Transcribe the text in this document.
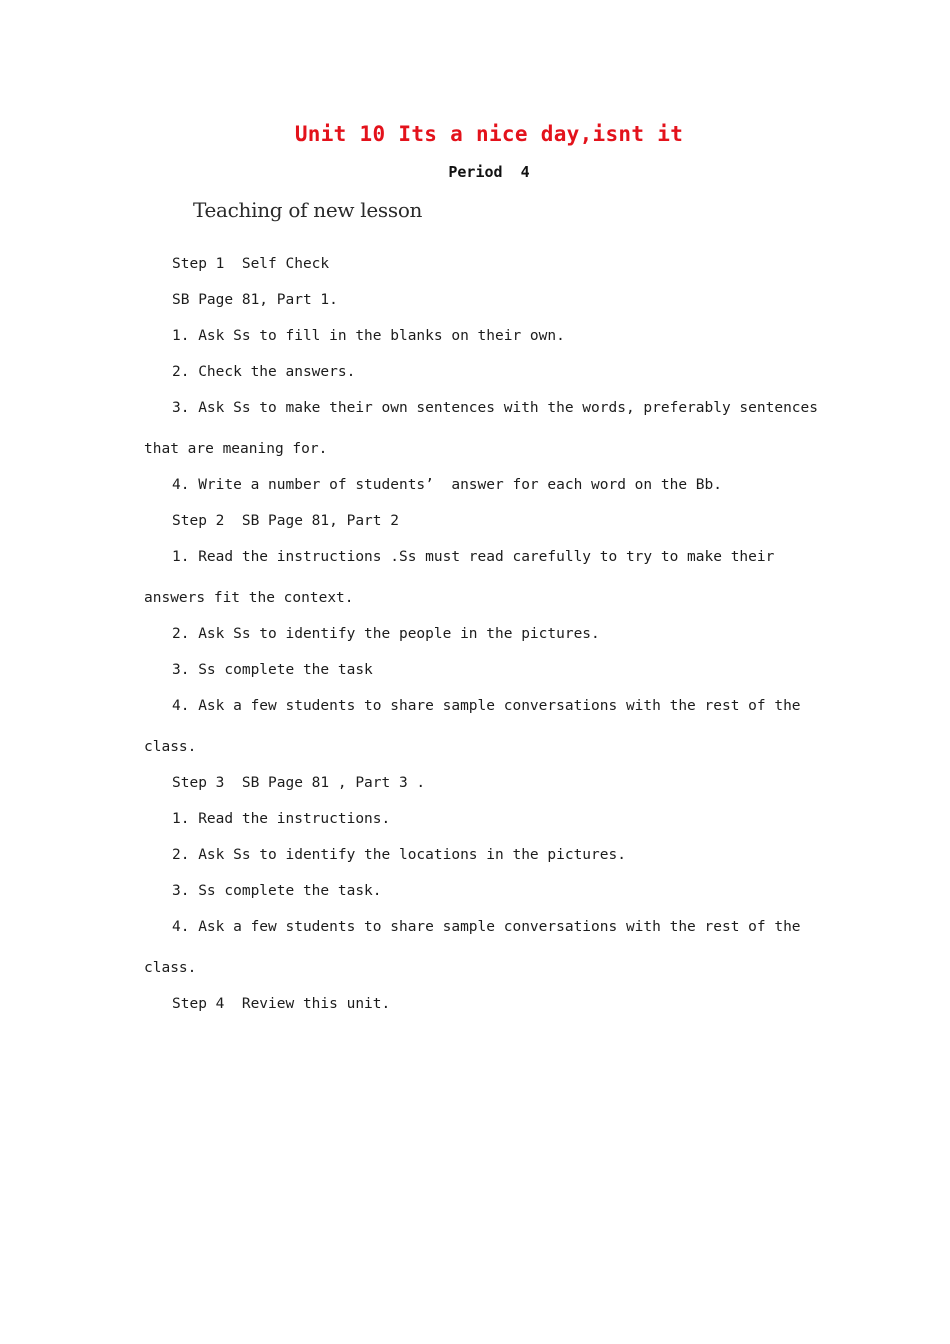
Unit 10 Its a nice day,isnt it
Period  4
Teaching of new lesson
Step 1  Self Check
SB Page 81, Part 1.
1. Ask Ss to fill in the blanks on their own.
2. Check the answers.
3. Ask Ss to make their own sentences with the words, preferably sentences
that are meaning for.
4. Write a number of students’  answer for each word on the Bb.
Step 2  SB Page 81, Part 2
1. Read the instructions .Ss must read carefully to try to make their
answers fit the context.
2. Ask Ss to identify the people in the pictures.
3. Ss complete the task
4. Ask a few students to share sample conversations with the rest of the
class.
Step 3  SB Page 81 , Part 3 .
1. Read the instructions.
2. Ask Ss to identify the locations in the pictures.
3. Ss complete the task.
4. Ask a few students to share sample conversations with the rest of the
class.
Step 4  Review this unit.
